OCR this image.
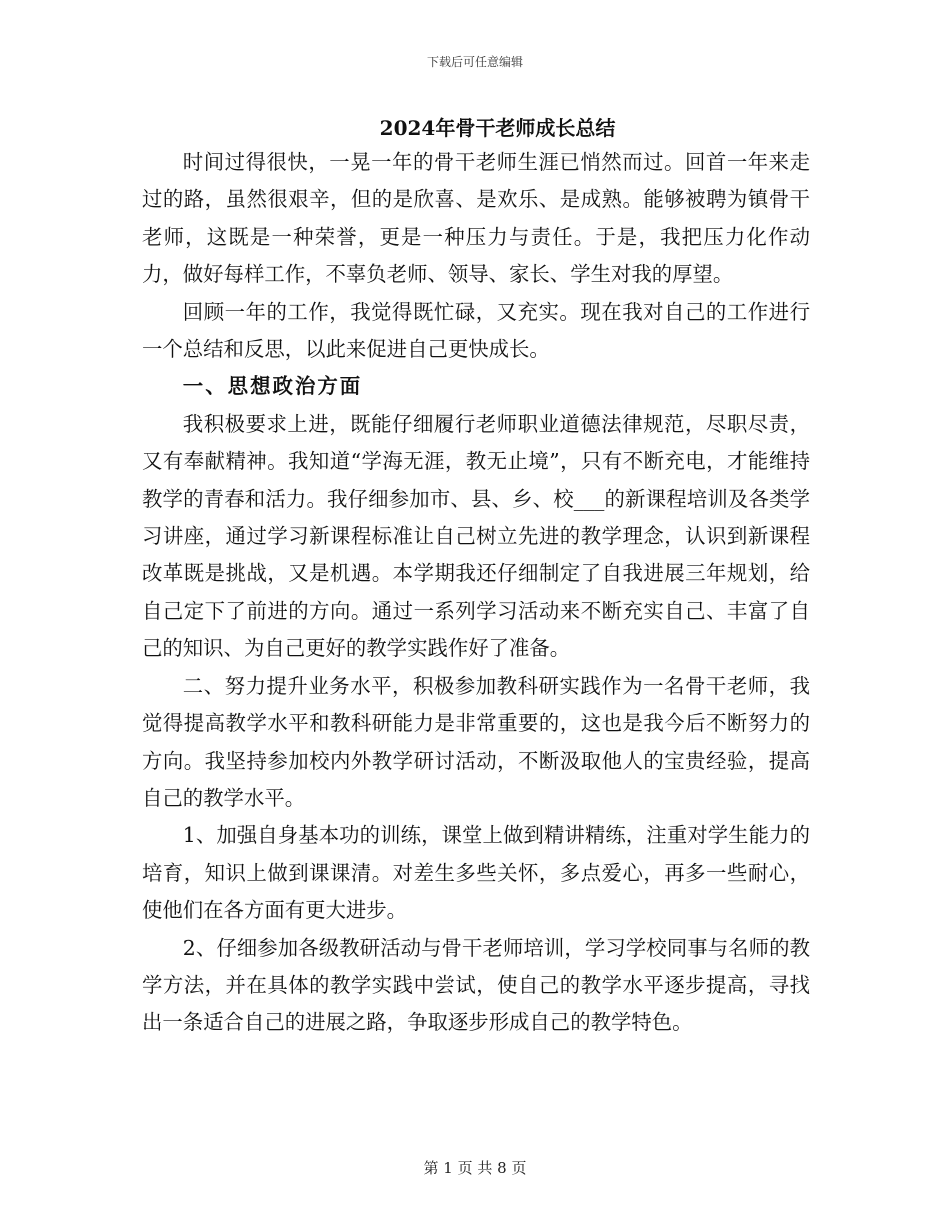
下载后可任意编辑
2024年骨干老师成长总结

时间过得很快，一晃一年的骨干老师生涯已悄然而过。回首一年来走过的路，虽然很艰辛，但的是欣喜、是欢乐、是成熟。能够被聘为镇骨干老师，这既是一种荣誉，更是一种压力与责任。于是，我把压力化作动力，做好每样工作，不辜负老师、领导、家长、学生对我的厚望。

回顾一年的工作，我觉得既忙碌，又充实。现在我对自己的工作进行一个总结和反思，以此来促进自己更快成长。

一、思想政治方面

我积极要求上进，既能仔细履行老师职业道德法律规范，尽职尽责，又有奉献精神。我知道“学海无涯，教无止境”，只有不断充电，才能维持教学的青春和活力。我仔细参加市、县、乡、校___的新课程培训及各类学习讲座，通过学习新课程标准让自己树立先进的教学理念，认识到新课程改革既是挑战，又是机遇。本学期我还仔细制定了自我进展三年规划，给自己定下了前进的方向。通过一系列学习活动来不断充实自己、丰富了自己的知识、为自己更好的教学实践作好了准备。

二、努力提升业务水平，积极参加教科研实践作为一名骨干老师，我觉得提高教学水平和教科研能力是非常重要的，这也是我今后不断努力的方向。我坚持参加校内外教学研讨活动，不断汲取他人的宝贵经验，提高自己的教学水平。

1、加强自身基本功的训练，课堂上做到精讲精练，注重对学生能力的培育，知识上做到课课清。对差生多些关怀，多点爱心，再多一些耐心，使他们在各方面有更大进步。

2、仔细参加各级教研活动与骨干老师培训，学习学校同事与名师的教学方法，并在具体的教学实践中尝试，使自己的教学水平逐步提高，寻找出一条适合自己的进展之路，争取逐步形成自己的教学特色。

第 1 页 共 8 页
